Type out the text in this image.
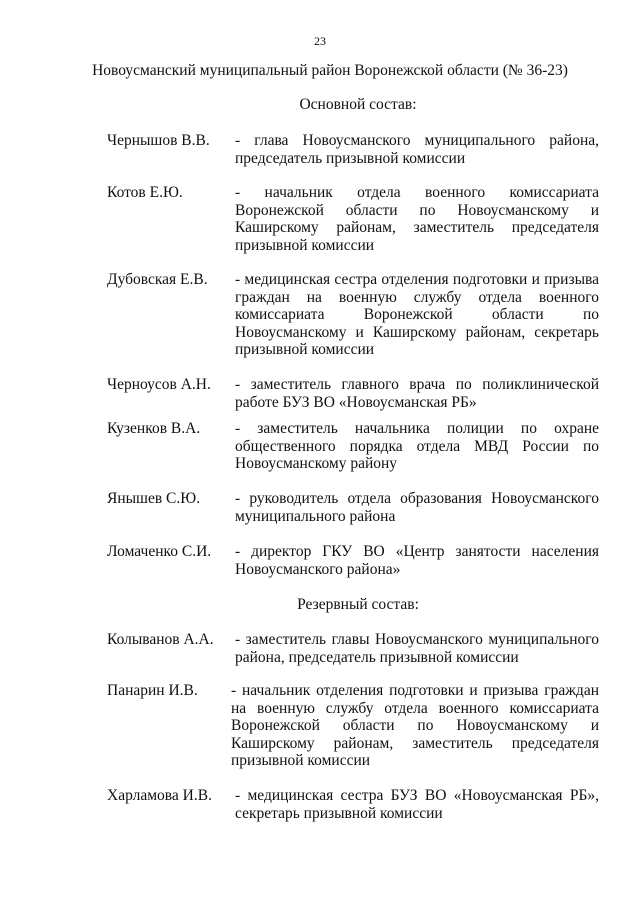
23
Новоусманский муниципальный район Воронежской области (№ 36-23)
Основной состав:
Чернышов В.В.	- глава Новоусманского муниципального района, председатель призывной комиссии
Котов Е.Ю.	- начальник отдела военного комиссариата Воронежской области по Новоусманскому и Каширскому районам, заместитель председателя призывной комиссии
Дубовская Е.В.	- медицинская сестра отделения подготовки и призыва граждан на военную службу отдела военного комиссариата Воронежской области по Новоусманскому и Каширскому районам, секретарь призывной комиссии
Черноусов А.Н.	- заместитель главного врача по поликлинической работе БУЗ ВО «Новоусманская РБ»
Кузенков В.А.	- заместитель начальника полиции по охране общественного порядка отдела МВД России по Новоусманскому району
Янышев С.Ю.	- руководитель отдела образования Новоусманского муниципального района
Ломаченко С.И.	- директор ГКУ ВО «Центр занятости населения Новоусманского района»
Резервный состав:
Колыванов А.А.	- заместитель главы Новоусманского муниципального района, председатель призывной комиссии
Панарин И.В.	- начальник отделения подготовки и призыва граждан на военную службу отдела военного комиссариата Воронежской области по Новоусманскому и Каширскому районам, заместитель председателя призывной комиссии
Харламова И.В.	- медицинская сестра БУЗ ВО «Новоусманская РБ», секретарь призывной комиссии
